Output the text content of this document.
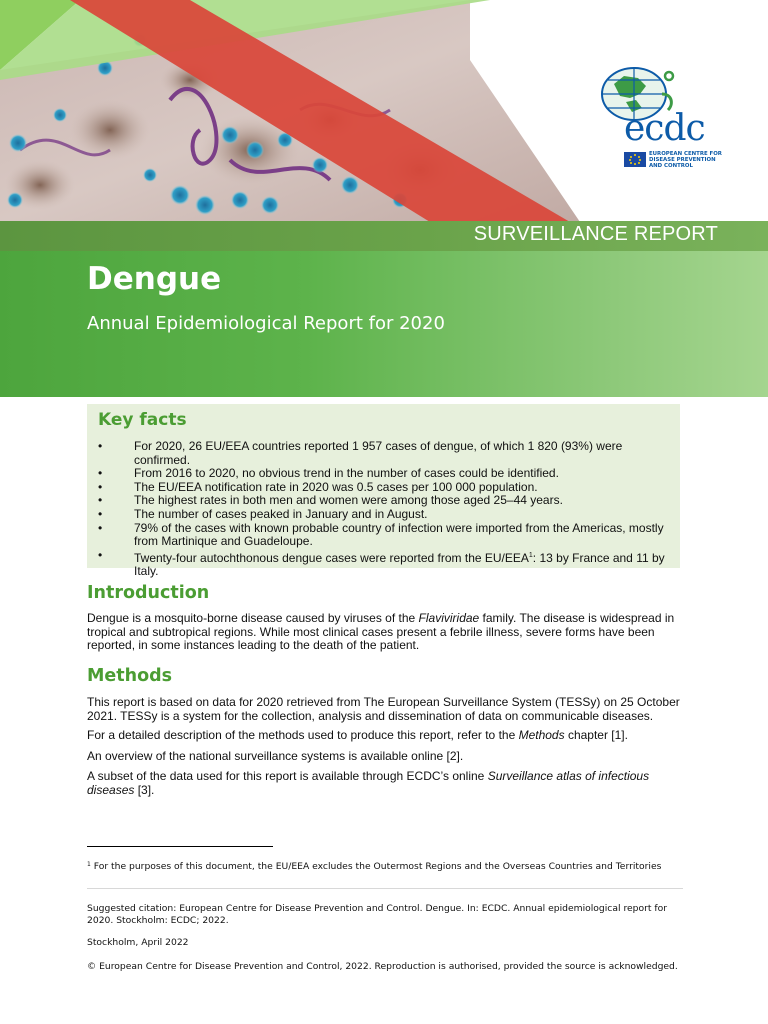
ecdc
EUROPEAN CENTRE FOR
DISEASE PREVENTION
AND CONTROL
SURVEILLANCE REPORT
Dengue
Annual Epidemiological Report for 2020
Key facts
•	For 2020, 26 EU/EEA countries reported 1 957 cases of dengue, of which 1 820 (93%) were confirmed.
•	From 2016 to 2020, no obvious trend in the number of cases could be identified.
•	The EU/EEA notification rate in 2020 was 0.5 cases per 100 000 population.
•	The highest rates in both men and women were among those aged 25–44 years.
•	The number of cases peaked in January and in August.
•	79% of the cases with known probable country of infection were imported from the Americas, mostly from Martinique and Guadeloupe.
•	Twenty-four autochthonous dengue cases were reported from the EU/EEA$^1$: 13 by France and 11 by Italy.
Introduction

Dengue is a mosquito-borne disease caused by viruses of the Flaviviridae family. The disease is widespread in tropical and subtropical regions. While most clinical cases present a febrile illness, severe forms have been reported, in some instances leading to the death of the patient.

Methods

This report is based on data for 2020 retrieved from The European Surveillance System (TESSy) on 25 October 2021. TESSy is a system for the collection, analysis and dissemination of data on communicable diseases.

For a detailed description of the methods used to produce this report, refer to the Methods chapter [1].

An overview of the national surveillance systems is available online [2].

A subset of the data used for this report is available through ECDC’s online Surveillance atlas of infectious diseases [3].

$^1$ For the purposes of this document, the EU/EEA excludes the Outermost Regions and the Overseas Countries and Territories

Suggested citation: European Centre for Disease Prevention and Control. Dengue. In: ECDC. Annual epidemiological report for 2020. Stockholm: ECDC; 2022.

Stockholm, April 2022

© European Centre for Disease Prevention and Control, 2022. Reproduction is authorised, provided the source is acknowledged.
